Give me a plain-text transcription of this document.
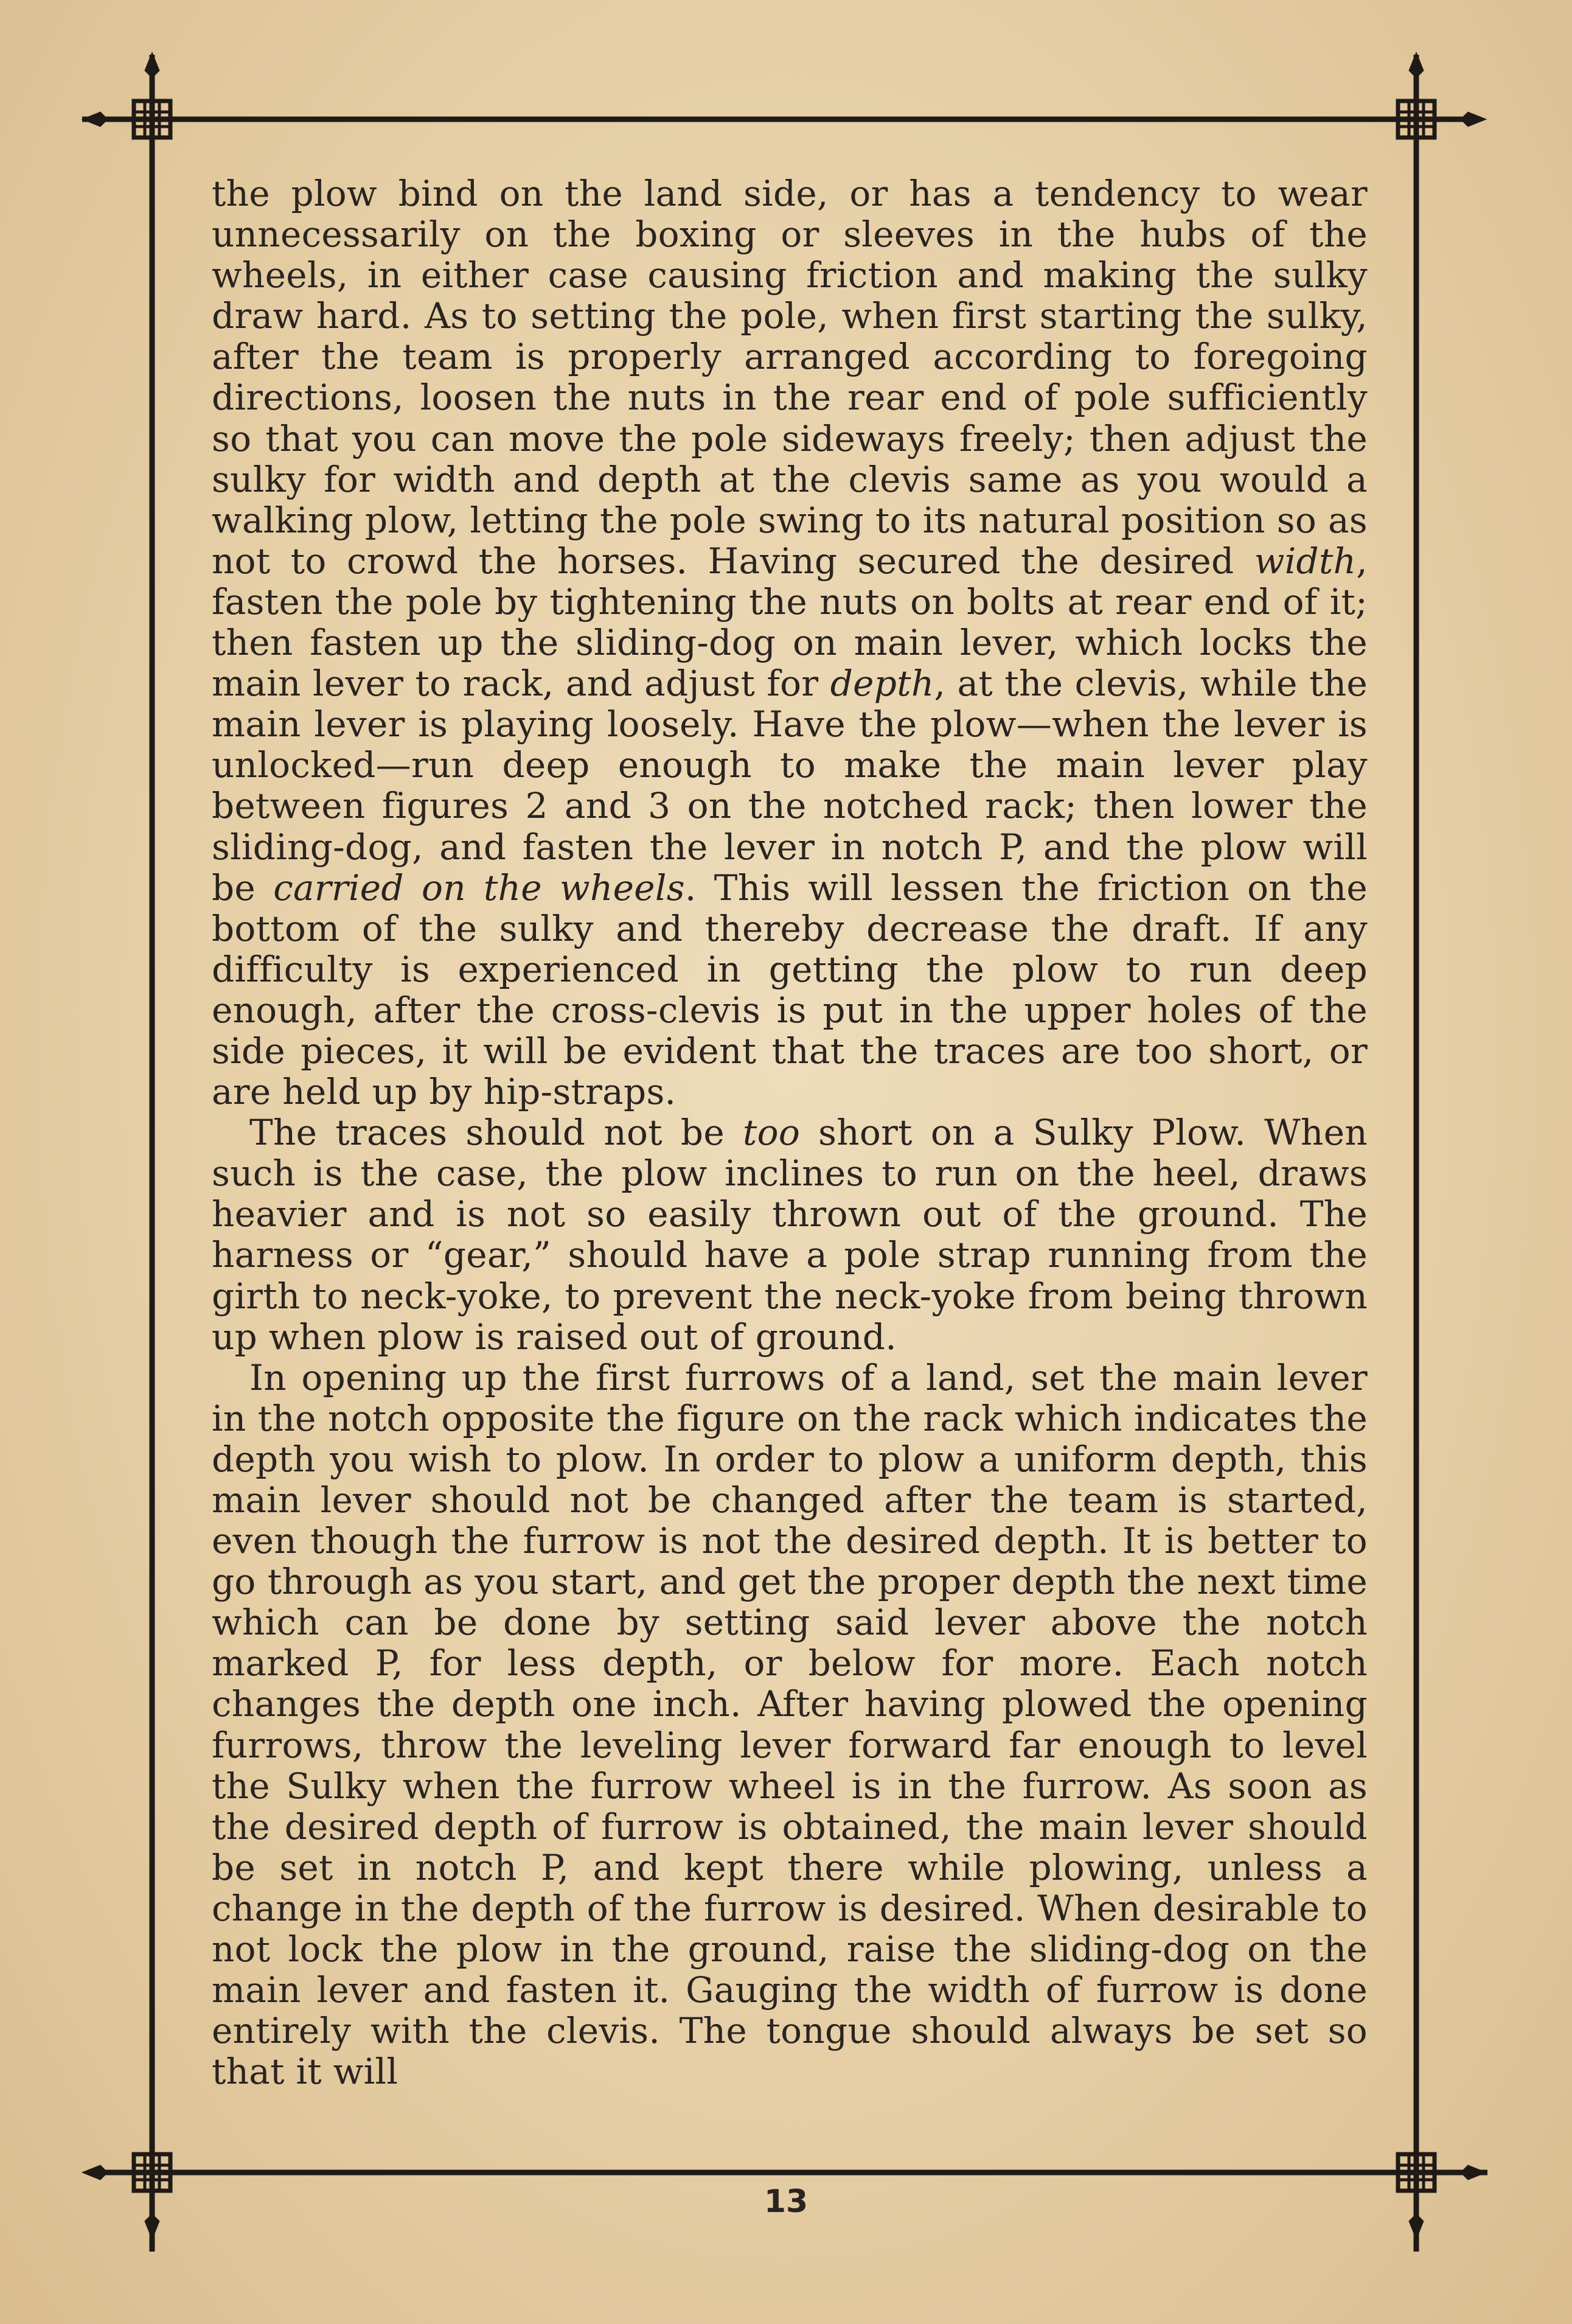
the plow bind on the land side, or has a tendency to wear unnecessarily on the boxing or sleeves in the hubs of the wheels, in either case causing friction and making the sulky draw hard. As to setting the pole, when first starting the sulky, after the team is properly arranged according to foregoing directions, loosen the nuts in the rear end of pole sufficiently so that you can move the pole sideways freely; then adjust the sulky for width and depth at the clevis same as you would a walking plow, letting the pole swing to its natural position so as not to crowd the horses. Having secured the desired width, fasten the pole by tightening the nuts on bolts at rear end of it; then fasten up the sliding-dog on main lever, which locks the main lever to rack, and adjust for depth, at the clevis, while the main lever is playing loosely. Have the plow—when the lever is unlocked—run deep enough to make the main lever play between figures 2 and 3 on the notched rack; then lower the sliding-dog, and fasten the lever in notch P, and the plow will be carried on the wheels. This will lessen the friction on the bottom of the sulky and thereby decrease the draft. If any difficulty is experienced in getting the plow to run deep enough, after the cross-clevis is put in the upper holes of the side pieces, it will be evident that the traces are too short, or are held up by hip-straps.

The traces should not be too short on a Sulky Plow. When such is the case, the plow inclines to run on the heel, draws heavier and is not so easily thrown out of the ground. The harness or “gear,” should have a pole strap running from the girth to neck-yoke, to prevent the neck-yoke from being thrown up when plow is raised out of ground.

In opening up the first furrows of a land, set the main lever in the notch opposite the figure on the rack which indicates the depth you wish to plow. In order to plow a uniform depth, this main lever should not be changed after the team is started, even though the furrow is not the desired depth. It is better to go through as you start, and get the proper depth the next time which can be done by setting said lever above the notch marked P, for less depth, or below for more. Each notch changes the depth one inch. After having plowed the opening furrows, throw the leveling lever forward far enough to level the Sulky when the furrow wheel is in the furrow. As soon as the desired depth of furrow is obtained, the main lever should be set in notch P, and kept there while plowing, unless a change in the depth of the furrow is desired. When desirable to not lock the plow in the ground, raise the sliding-dog on the main lever and fasten it. Gauging the width of furrow is done entirely with the clevis. The tongue should always be set so that it will

13
